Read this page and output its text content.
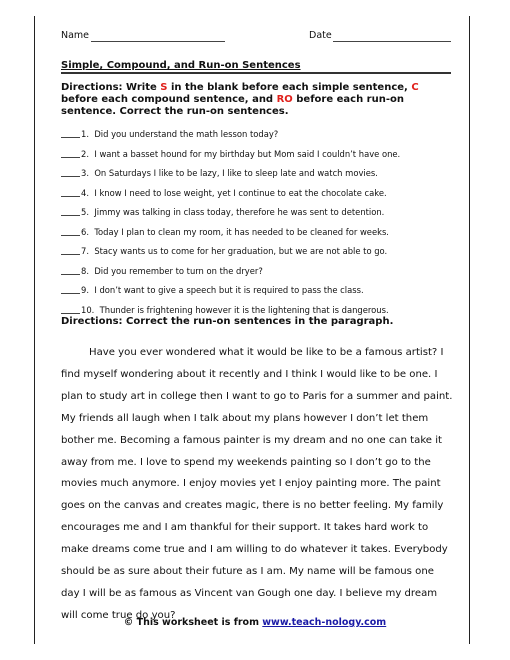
Name	Date
Simple, Compound, and Run-on Sentences
Directions: Write S in the blank before each simple sentence, C before each compound sentence, and RO before each run-on sentence. Correct the run-on sentences.
1. Did you understand the math lesson today?
2. I want a basset hound for my birthday but Mom said I couldn’t have one.
3. On Saturdays I like to be lazy, I like to sleep late and watch movies.
4. I know I need to lose weight, yet I continue to eat the chocolate cake.
5. Jimmy was talking in class today, therefore he was sent to detention.
6. Today I plan to clean my room, it has needed to be cleaned for weeks.
7. Stacy wants us to come for her graduation, but we are not able to go.
8. Did you remember to turn on the dryer?
9. I don’t want to give a speech but it is required to pass the class.
10. Thunder is frightening however it is the lightening that is dangerous.
Directions: Correct the run-on sentences in the paragraph.

Have you ever wondered what it would be like to be a famous artist? I find myself wondering about it recently and I think I would like to be one. I plan to study art in college then I want to go to Paris for a summer and paint. My friends all laugh when I talk about my plans however I don’t let them bother me. Becoming a famous painter is my dream and no one can take it away from me. I love to spend my weekends painting so I don’t go to the movies much anymore. I enjoy movies yet I enjoy painting more. The paint goes on the canvas and creates magic, there is no better feeling. My family encourages me and I am thankful for their support. It takes hard work to make dreams come true and I am willing to do whatever it takes. Everybody should be as sure about their future as I am. My name will be famous one day I will be as famous as Vincent van Gough one day. I believe my dream will come true do you?

© This worksheet is from www.teach-nology.com
